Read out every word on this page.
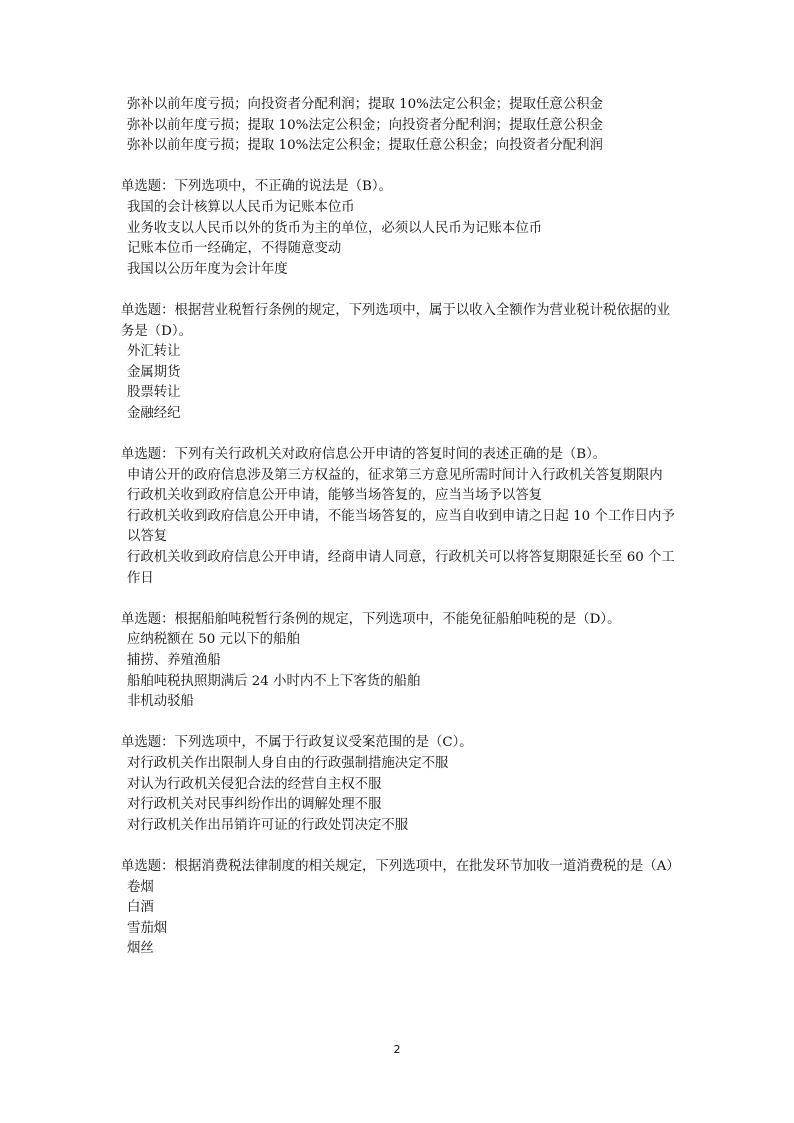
弥补以前年度亏损；向投资者分配利润；提取 10%法定公积金；提取任意公积金

弥补以前年度亏损；提取 10%法定公积金；向投资者分配利润；提取任意公积金

弥补以前年度亏损；提取 10%法定公积金；提取任意公积金；向投资者分配利润

单选题：下列选项中，不正确的说法是（B）。

我国的会计核算以人民币为记账本位币

业务收支以人民币以外的货币为主的单位，必须以人民币为记账本位币

记账本位币一经确定，不得随意变动

我国以公历年度为会计年度

单选题：根据营业税暂行条例的规定，下列选项中，属于以收入全额作为营业税计税依据的业务是（D）。

外汇转让

金属期货

股票转让

金融经纪

单选题：下列有关行政机关对政府信息公开申请的答复时间的表述正确的是（B）。

申请公开的政府信息涉及第三方权益的，征求第三方意见所需时间计入行政机关答复期限内

行政机关收到政府信息公开申请，能够当场答复的，应当当场予以答复

行政机关收到政府信息公开申请，不能当场答复的，应当自收到申请之日起 10 个工作日内予以答复

行政机关收到政府信息公开申请，经商申请人同意，行政机关可以将答复期限延长至 60 个工作日

单选题：根据船舶吨税暂行条例的规定，下列选项中，不能免征船舶吨税的是（D）。

应纳税额在 50 元以下的船舶

捕捞、养殖渔船

船舶吨税执照期满后 24 小时内不上下客货的船舶

非机动驳船

单选题：下列选项中，不属于行政复议受案范围的是（C）。

对行政机关作出限制人身自由的行政强制措施决定不服

对认为行政机关侵犯合法的经营自主权不服

对行政机关对民事纠纷作出的调解处理不服

对行政机关作出吊销许可证的行政处罚决定不服

单选题：根据消费税法律制度的相关规定，下列选项中，在批发环节加收一道消费税的是（A）

卷烟

白酒

雪茄烟

烟丝

2
